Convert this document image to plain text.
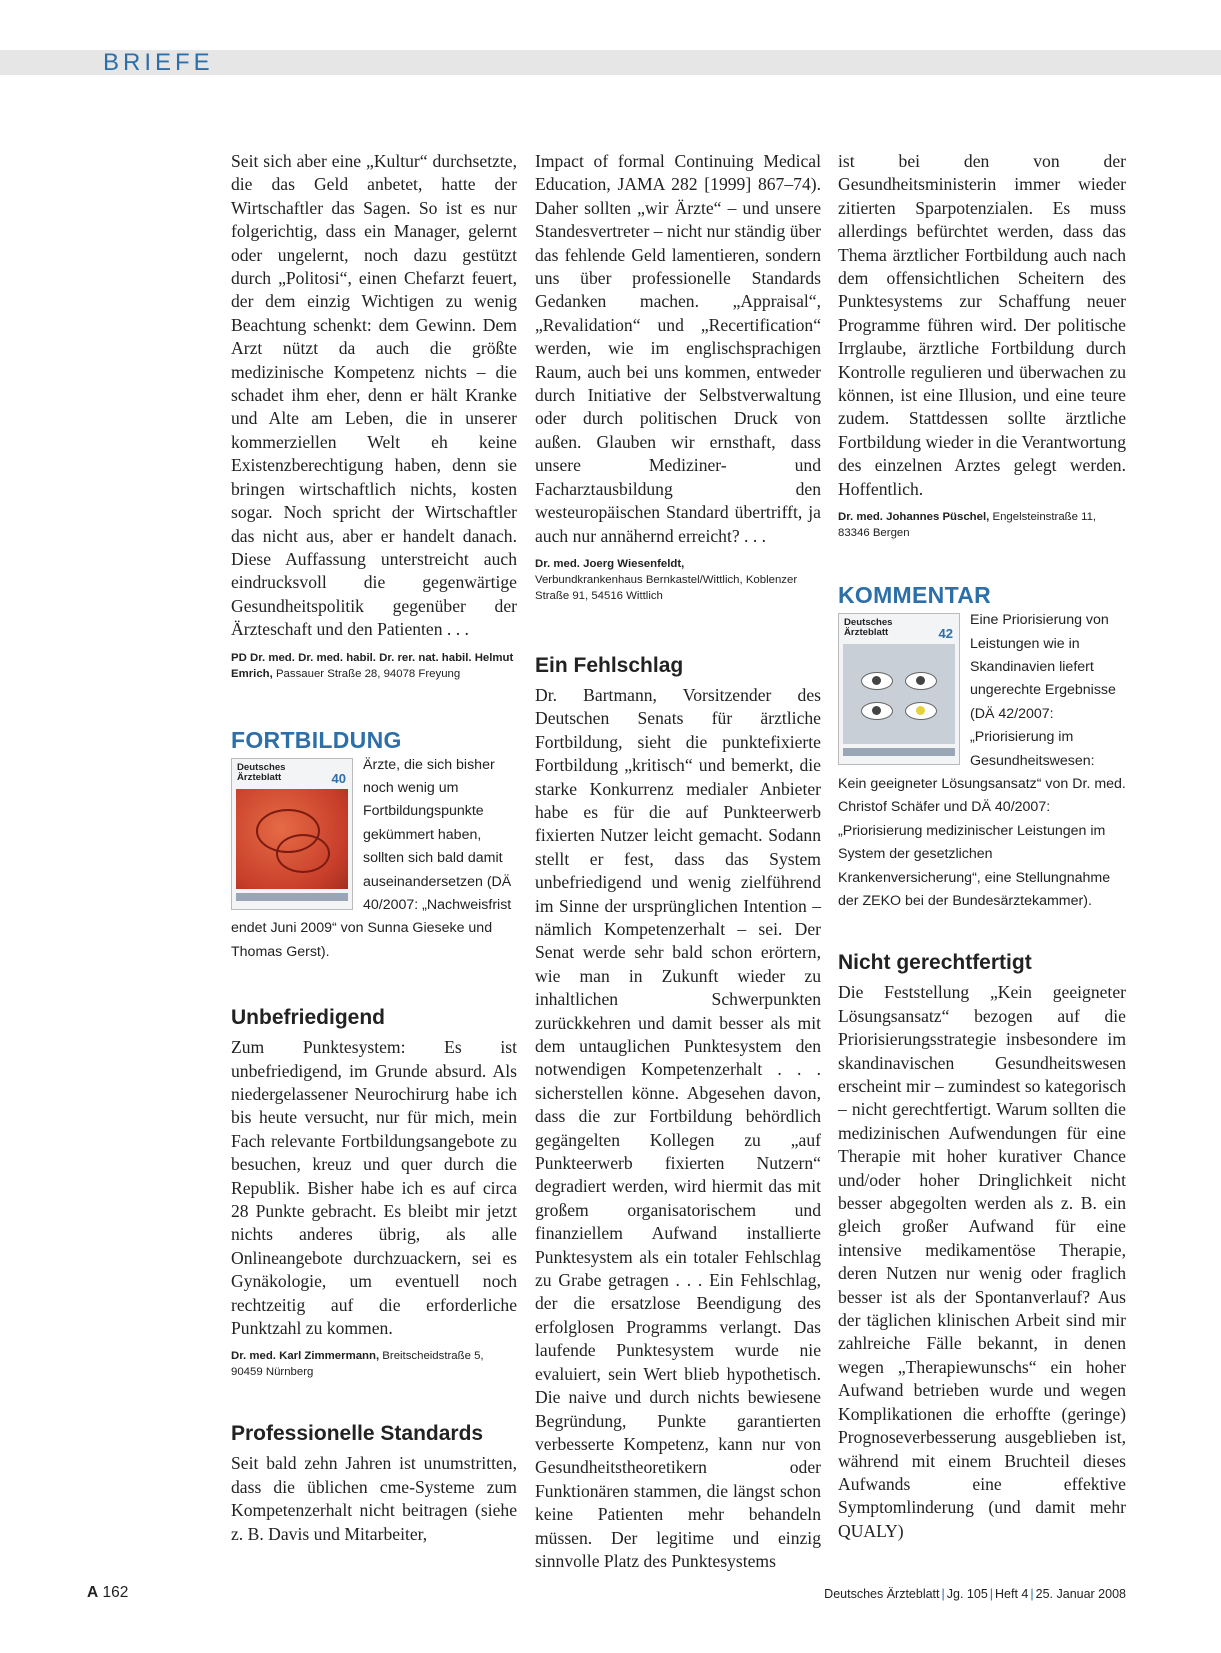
BRIEFE

Seit sich aber eine „Kultur“ durchsetzte, die das Geld anbetet, hatte der Wirtschaftler das Sagen. So ist es nur folgerichtig, dass ein Manager, gelernt oder ungelernt, noch dazu gestützt durch „Politosi“, einen Chefarzt feuert, der dem einzig Wichtigen zu wenig Beachtung schenkt: dem Gewinn. Dem Arzt nützt da auch die größte medizinische Kompetenz nichts – die schadet ihm eher, denn er hält Kranke und Alte am Leben, die in unserer kommerziellen Welt eh keine Existenzberechtigung haben, denn sie bringen wirtschaftlich nichts, kosten sogar. Noch spricht der Wirtschaftler das nicht aus, aber er handelt danach. Diese Auffassung unterstreicht auch eindrucksvoll die gegenwärtige Gesundheitspolitik gegenüber der Ärzteschaft und den Patienten . . .

PD Dr. med. Dr. med. habil. Dr. rer. nat. habil. Helmut Emrich, Passauer Straße 28, 94078 Freyung

FORTBILDUNG
Deutsches Ärzteblatt	40
Ärzte, die sich bisher noch wenig um Fortbildungspunkte gekümmert haben, sollten sich bald damit auseinandersetzen (DÄ 40/2007: „Nachweisfrist endet Juni 2009“ von Sunna Gieseke und Thomas Gerst).
Unbefriedigend

Zum Punktesystem: Es ist unbefriedigend, im Grunde absurd. Als niedergelassener Neurochirurg habe ich bis heute versucht, nur für mich, mein Fach relevante Fortbildungsangebote zu besuchen, kreuz und quer durch die Republik. Bisher habe ich es auf circa 28 Punkte gebracht. Es bleibt mir jetzt nichts anderes übrig, als alle Onlineangebote durchzuackern, sei es Gynäkologie, um eventuell noch rechtzeitig auf die erforderliche Punktzahl zu kommen.

Dr. med. Karl Zimmermann, Breitscheidstraße 5, 90459 Nürnberg

Professionelle Standards

Seit bald zehn Jahren ist unumstritten, dass die üblichen cme-Systeme zum Kompetenzerhalt nicht beitragen (siehe z. B. Davis und Mitarbeiter,

Impact of formal Continuing Medical Education, JAMA 282 [1999] 867–74). Daher sollten „wir Ärzte“ – und unsere Standesvertreter – nicht nur ständig über das fehlende Geld lamentieren, sondern uns über professionelle Standards Gedanken machen. „Appraisal“, „Revalidation“ und „Recertification“ werden, wie im englischsprachigen Raum, auch bei uns kommen, entweder durch Initiative der Selbstverwaltung oder durch politischen Druck von außen. Glauben wir ernsthaft, dass unsere Mediziner- und Facharztausbildung den westeuropäischen Standard übertrifft, ja auch nur annähernd erreicht? . . .

Dr. med. Joerg Wiesenfeldt,
Verbundkrankenhaus Bernkastel/Wittlich, Koblenzer Straße 91, 54516 Wittlich

Ein Fehlschlag

Dr. Bartmann, Vorsitzender des Deutschen Senats für ärztliche Fortbildung, sieht die punktefixierte Fortbildung „kritisch“ und bemerkt, die starke Konkurrenz medialer Anbieter habe es für die auf Punkteerwerb fixierten Nutzer leicht gemacht. Sodann stellt er fest, dass das System unbefriedigend und wenig zielführend im Sinne der ursprünglichen Intention – nämlich Kompetenzerhalt – sei. Der Senat werde sehr bald schon erörtern, wie man in Zukunft wieder zu inhaltlichen Schwerpunkten zurückkehren und damit besser als mit dem untauglichen Punktesystem den notwendigen Kompetenzerhalt . . . sicherstellen könne. Abgesehen davon, dass die zur Fortbildung behördlich gegängelten Kollegen zu „auf Punkteerwerb fixierten Nutzern“ degradiert werden, wird hiermit das mit großem organisatorischem und finanziellem Aufwand installierte Punktesystem als ein totaler Fehlschlag zu Grabe getragen . . . Ein Fehlschlag, der die ersatzlose Beendigung des erfolglosen Programms verlangt. Das laufende Punktesystem wurde nie evaluiert, sein Wert blieb hypothetisch. Die naive und durch nichts bewiesene Begründung, Punkte garantierten verbesserte Kompetenz, kann nur von Gesundheitstheoretikern oder Funktionären stammen, die längst schon keine Patienten mehr behandeln müssen. Der legitime und einzig sinnvolle Platz des Punktesystems

ist bei den von der Gesundheitsministerin immer wieder zitierten Sparpotenzialen. Es muss allerdings befürchtet werden, dass das Thema ärztlicher Fortbildung auch nach dem offensichtlichen Scheitern des Punktesystems zur Schaffung neuer Programme führen wird. Der politische Irrglaube, ärztliche Fortbildung durch Kontrolle regulieren und überwachen zu können, ist eine Illusion, und eine teure zudem. Stattdessen sollte ärztliche Fortbildung wieder in die Verantwortung des einzelnen Arztes gelegt werden. Hoffentlich.

Dr. med. Johannes Püschel, Engelsteinstraße 11, 83346 Bergen

KOMMENTAR
Deutsches Ärzteblatt	42
Eine Priorisierung von Leistungen wie in Skandinavien liefert ungerechte Ergebnisse (DÄ 42/2007: „Priorisierung im Gesundheitswesen: Kein geeigneter Lösungsansatz“ von Dr. med. Christof Schäfer und DÄ 40/2007: „Priorisierung medizinischer Leistungen im System der gesetzlichen Krankenversicherung“, eine Stellungnahme der ZEKO bei der Bundesärztekammer).
Nicht gerechtfertigt

Die Feststellung „Kein geeigneter Lösungsansatz“ bezogen auf die Priorisierungsstrategie insbesondere im skandinavischen Gesundheitswesen erscheint mir – zumindest so kategorisch – nicht gerechtfertigt. Warum sollten die medizinischen Aufwendungen für eine Therapie mit hoher kurativer Chance und/oder hoher Dringlichkeit nicht besser abgegolten werden als z. B. ein gleich großer Aufwand für eine intensive medikamentöse Therapie, deren Nutzen nur wenig oder fraglich besser ist als der Spontanverlauf? Aus der täglichen klinischen Arbeit sind mir zahlreiche Fälle bekannt, in denen wegen „Therapiewunschs“ ein hoher Aufwand betrieben wurde und wegen Komplikationen die erhoffte (geringe) Prognoseverbesserung ausgeblieben ist, während mit einem Bruchteil dieses Aufwands eine effektive Symptomlinderung (und damit mehr QUALY)

A 162	Deutsches Ärzteblatt | Jg. 105 | Heft 4 | 25. Januar 2008
